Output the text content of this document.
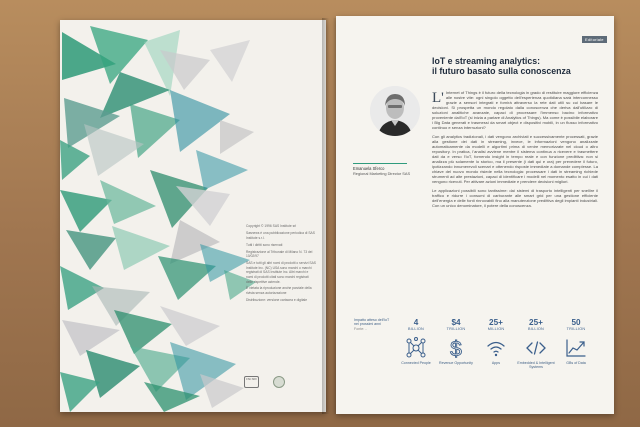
Copyright © 1996 SAS Institute srl

Sasnews è una pubblicazione periodica di SAS Institute s.r.l.

Tutti i diritti sono riservati

Registrazione al Tribunale di Milano N. 73 del 10/02/97

SAS e tutti gli altri nomi di prodotti o servizi SAS Institute Inc. (NC) USA sono marchi o marchi registrati di SAS Institute Inc. Altri marchi e nomi di prodotti citati sono marchi registrati delle rispettive aziende.

È vietata la riproduzione anche parziale della rivista senza autorizzazione

Distribuzione: versione cartacea e digitale

FSC MIX
Editoriale
IoT e streaming analytics:
il futuro basato sulla conoscenza
Emanuela Sferco
Regional Marketing Director SAS

L' Internet of Things è il futuro della tecnologia in grado di restituire maggiore efficienza alle nostre vite: ogni singolo oggetto dell'esperienza quotidiana sarà interconnesso grazie a sensori integrati e fornirà attraverso la rete dati utili su cui basare le decisioni. Si prospetta un mondo regolato dalla conoscenza che deriva dall'utilizzo di soluzioni analitiche avanzate, capaci di processare l'immenso bacino informativo proveniente dall'IoT (si inizia a parlare di Analytics of Things). Ma come è possibile elaborare i Big Data generati e trasmessi da smart object e dispositivi mobili, in un flusso informativo continuo e senza interruzioni?

Con gli analytics tradizionali, i dati vengono archiviati e successivamente processati, grazie alla gestione dei dati in streaming, invece, le informazioni vengono analizzate automaticamente da modelli e algoritmi prima di venire memorizzate nel cloud o altro repository. In pratica, l'analisi avviene mentre il sistema continua a ricevere e trasmettere dati da e verso l'IoT, fornendo insight in tempo reale e con funzione predittiva: non si analizza più solamente lo storico, ma il presente (i dati qui e ora) per prevedere il futuro, ipotizzando innumerevoli scenari e ottenendo risposte immediate a domande complesse. La chiave del nuovo mondo risiede nella tecnologia: processare i dati in streaming richiede strumenti ad alte prestazioni, capaci di identificare i modelli nel momento esatto in cui i dati vengono ricevuti. Per attivare azioni immediate e prendere decisioni migliori.

Le applicazioni possibili sono tantissime: dai sistemi di trasporto intelligenti per snellire il traffico e ridurre i consumi di carburante alle smart grid per una gestione efficiente dell'energia e delle fonti rinnovabili fino alla manutenzione predittiva degli impianti industriali. Con un unico denominatore, il potere della conoscenza.

Impatto atteso dell'IoT nei prossimi anni
Fonte: ..
4
BILLION
Connected People
$4
TRILLION
$
Revenue Opportunity
25+
MILLION
Apps
25+
BILLION
Embedded & Intelligent Systems
50
TRILLION
GBs of Data
